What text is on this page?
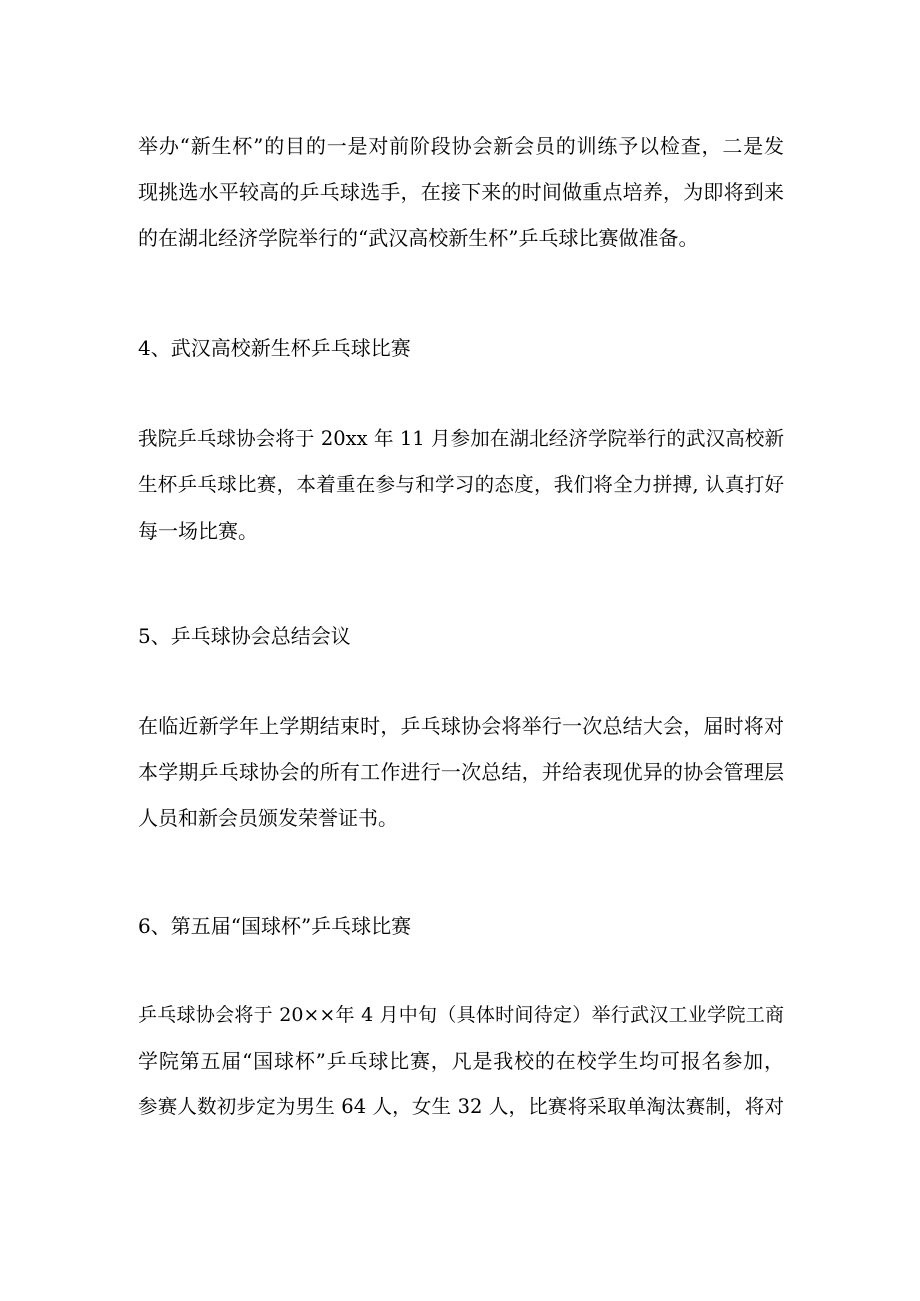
举办“新生杯”的目的一是对前阶段协会新会员的训练予以检查，二是发
现挑选水平较高的乒乓球选手，在接下来的时间做重点培养，为即将到来
的在湖北经济学院举行的“武汉高校新生杯”乒乓球比赛做准备。
4、武汉高校新生杯乒乓球比赛
我院乒乓球协会将于 20xx 年 11 月参加在湖北经济学院举行的武汉高校新
生杯乒乓球比赛，本着重在参与和学习的态度，我们将全力拼搏, 认真打好
每一场比赛。
5、乒乓球协会总结会议
在临近新学年上学期结束时，乒乓球协会将举行一次总结大会，届时将对
本学期乒乓球协会的所有工作进行一次总结，并给表现优异的协会管理层
人员和新会员颁发荣誉证书。
6、第五届“国球杯”乒乓球比赛
乒乓球协会将于 20××年 4 月中旬（具体时间待定）举行武汉工业学院工商
学院第五届“国球杯”乒乓球比赛，凡是我校的在校学生均可报名参加，
参赛人数初步定为男生 64 人，女生 32 人，比赛将采取单淘汰赛制，将对
